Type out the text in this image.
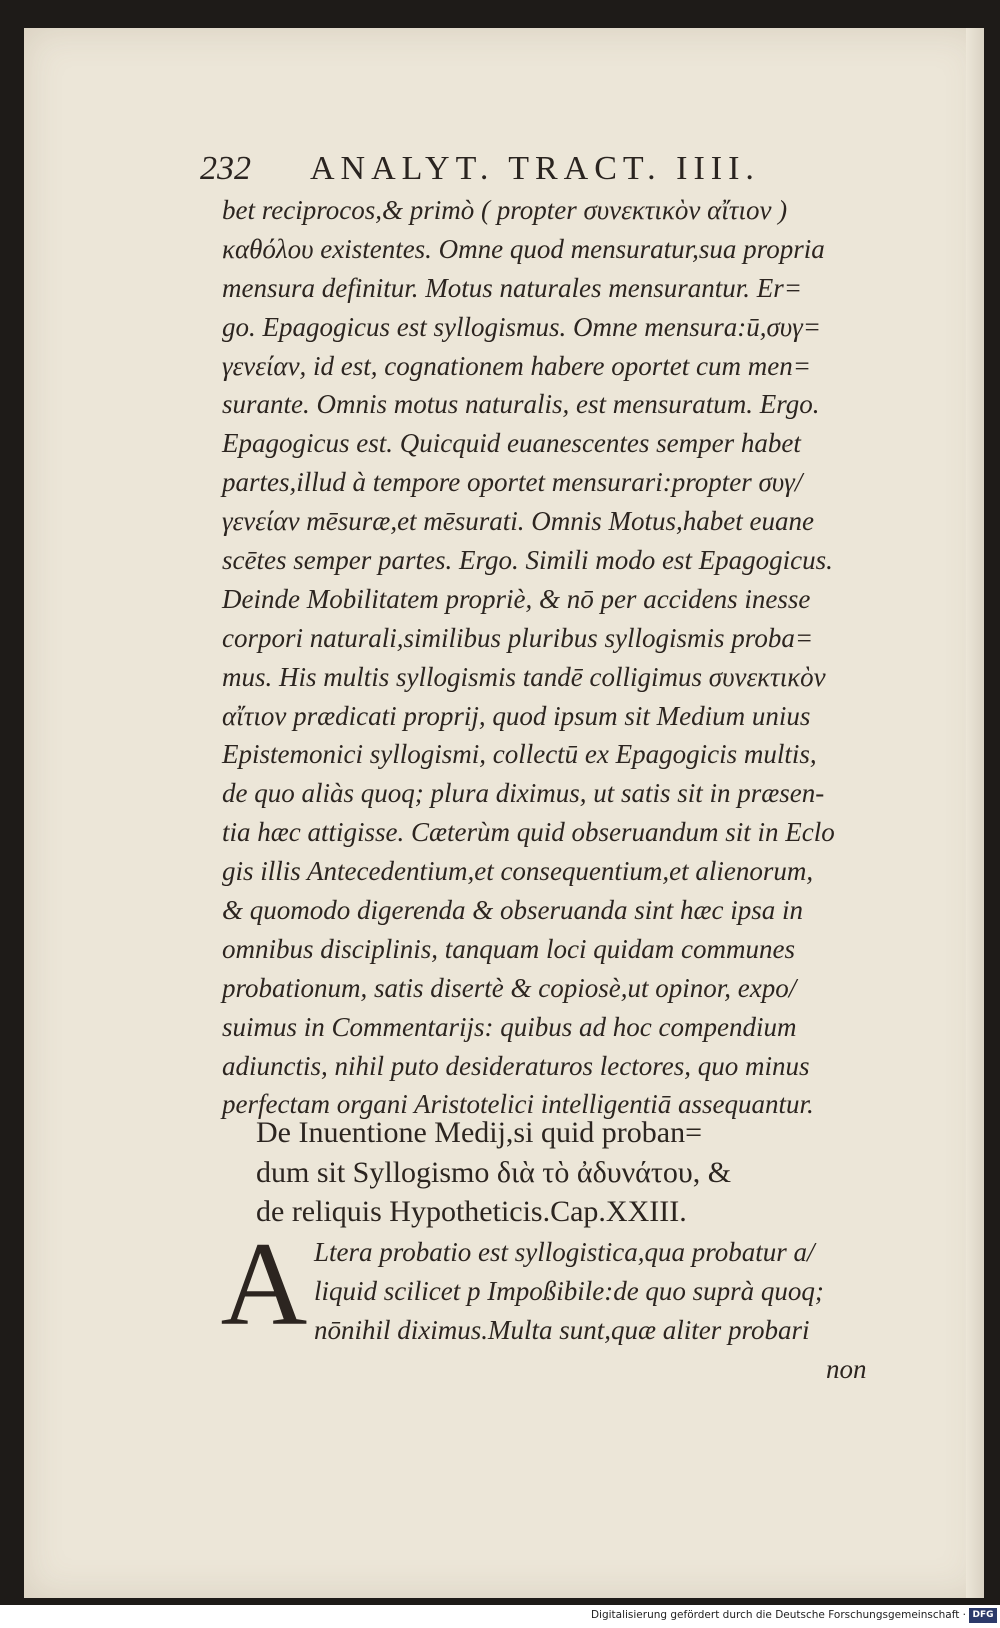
232 ANALYT. TRACT. IIII.
bet reciprocos,& primò ( propter συνεκτικὸν αἴτιον )
καθόλου existentes. Omne quod mensuratur,sua propria
mensura definitur. Motus naturales mensurantur. Er=
go. Epagogicus est syllogismus. Omne mensura:ū,συγ=
γενείαν, id est, cognationem habere oportet cum men=
surante. Omnis motus naturalis, est mensuratum. Ergo.
Epagogicus est. Quicquid euanescentes semper habet
partes,illud à tempore oportet mensurari:propter συγ/
γενείαν mēsuræ,et mēsurati. Omnis Motus,habet euane
scētes semper partes. Ergo. Simili modo est Epagogicus.
Deinde Mobilitatem propriè, & nō per accidens inesse
corpori naturali,similibus pluribus syllogismis proba=
mus. His multis syllogismis tandē colligimus συνεκτικὸν
αἴτιον prædicati proprij, quod ipsum sit Medium unius
Epistemonici syllogismi, collectū ex Epagogicis multis,
de quo aliàs quoq; plura diximus, ut satis sit in præsen-
tia hæc attigisse. Cæterùm quid obseruandum sit in Eclo
gis illis Antecedentium,et consequentium,et alienorum,
& quomodo digerenda & obseruanda sint hæc ipsa in
omnibus disciplinis, tanquam loci quidam communes
probationum, satis disertè & copiosè,ut opinor, expo/
suimus in Commentarijs: quibus ad hoc compendium
adiunctis, nihil puto desideraturos lectores, quo minus
perfectam organi Aristotelici intelligentiā assequantur.
De Inuentione Medij,si quid proban=
dum sit Syllogismo διὰ τὸ ἀδυνάτου, &
de reliquis Hypotheticis.Cap.XXIII.
A Ltera probatio est syllogistica,qua probatur a/
liquid scilicet p Impoßibile:de quo suprà quoq;
nōnihil diximus.Multa sunt,quæ aliter probari
non
Digitalisierung gefördert durch die Deutsche Forschungsgemeinschaft · DFG
